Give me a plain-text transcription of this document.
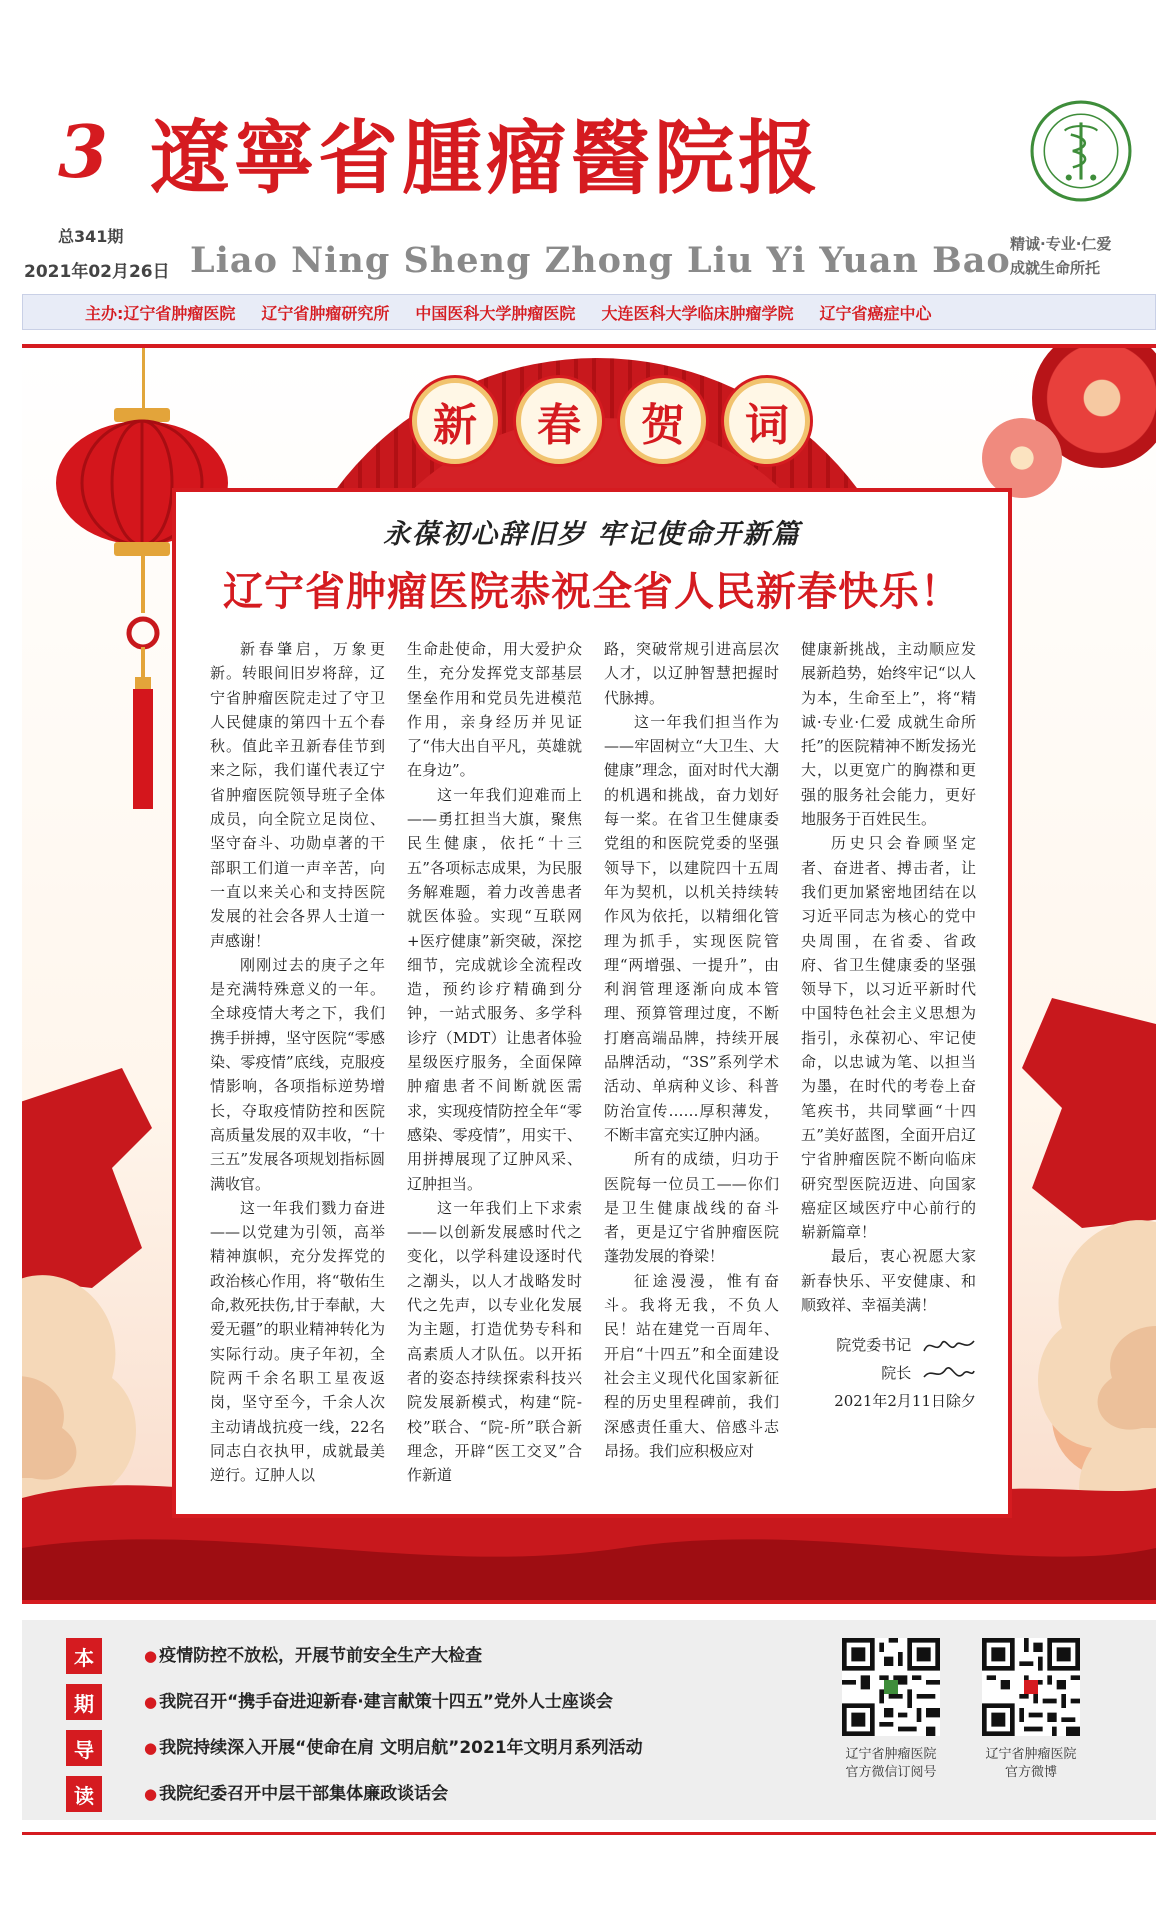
3 遼寧省腫瘤醫院报
总341期
2021年02月26日 Liao Ning Sheng Zhong Liu Yi Yuan Bao 精诚·专业·仁爱
成就生命所托
主办:辽宁省肿瘤医院 辽宁省肿瘤研究所 中国医科大学肿瘤医院 大连医科大学临床肿瘤学院 辽宁省癌症中心
新	春	贺	词
永葆初心辞旧岁 牢记使命开新篇
辽宁省肿瘤医院恭祝全省人民新春快乐！

新春肇启，万象更新。转眼间旧岁将辞，辽宁省肿瘤医院走过了守卫人民健康的第四十五个春秋。值此辛丑新春佳节到来之际，我们谨代表辽宁省肿瘤医院领导班子全体成员，向全院立足岗位、坚守奋斗、功勋卓著的干部职工们道一声辛苦，向一直以来关心和支持医院发展的社会各界人士道一声感谢！

刚刚过去的庚子之年是充满特殊意义的一年。全球疫情大考之下，我们携手拼搏，坚守医院“零感染、零疫情”底线，克服疫情影响，各项指标逆势增长，夺取疫情防控和医院高质量发展的双丰收，“十三五”发展各项规划指标圆满收官。

这一年我们戮力奋进——以党建为引领，高举精神旗帜，充分发挥党的政治核心作用，将“敬佑生命,救死扶伤,甘于奉献，大爱无疆”的职业精神转化为实际行动。庚子年初，全院两千余名职工星夜返岗，坚守至今，千余人次主动请战抗疫一线，22名同志白衣执甲，成就最美逆行。辽肿人以

生命赴使命，用大爱护众生，充分发挥党支部基层堡垒作用和党员先进模范作用，亲身经历并见证了“伟大出自平凡，英雄就在身边”。

这一年我们迎难而上——勇扛担当大旗，聚焦民生健康，依托“十三五”各项标志成果，为民服务解难题，着力改善患者就医体验。实现“互联网+医疗健康”新突破，深挖细节，完成就诊全流程改造，预约诊疗精确到分钟，一站式服务、多学科诊疗（MDT）让患者体验星级医疗服务，全面保障肿瘤患者不间断就医需求，实现疫情防控全年“零感染、零疫情”，用实干、用拼搏展现了辽肿风采、辽肿担当。

这一年我们上下求索——以创新发展感时代之变化，以学科建设逐时代之潮头，以人才战略发时代之先声，以专业化发展为主题，打造优势专科和高素质人才队伍。以开拓者的姿态持续探索科技兴院发展新模式，构建“院-校”联合、“院-所”联合新理念，开辟“医工交叉”合作新道

路，突破常规引进高层次人才，以辽肿智慧把握时代脉搏。

这一年我们担当作为——牢固树立“大卫生、大健康”理念，面对时代大潮的机遇和挑战，奋力划好每一桨。在省卫生健康委党组的和医院党委的坚强领导下，以建院四十五周年为契机，以机关持续转作风为依托，以精细化管理为抓手，实现医院管理“两增强、一提升”，由利润管理逐渐向成本管理、预算管理过度，不断打磨高端品牌，持续开展品牌活动，“3S”系列学术活动、单病种义诊、科普防治宣传……厚积薄发，不断丰富充实辽肿内涵。

所有的成绩，归功于医院每一位员工——你们是卫生健康战线的奋斗者，更是辽宁省肿瘤医院蓬勃发展的脊梁！

征途漫漫，惟有奋斗。我将无我，不负人民！站在建党一百周年、开启“十四五”和全面建设社会主义现代化国家新征程的历史里程碑前，我们深感责任重大、倍感斗志昂扬。我们应积极应对

健康新挑战，主动顺应发展新趋势，始终牢记“以人为本，生命至上”，将“精诚·专业·仁爱 成就生命所托”的医院精神不断发扬光大，以更宽广的胸襟和更强的服务社会能力，更好地服务于百姓民生。

历史只会眷顾坚定者、奋进者、搏击者，让我们更加紧密地团结在以习近平同志为核心的党中央周围，在省委、省政府、省卫生健康委的坚强领导下，以习近平新时代中国特色社会主义思想为指引，永葆初心、牢记使命，以忠诚为笔、以担当为墨，在时代的考卷上奋笔疾书，共同擘画“十四五”美好蓝图，全面开启辽宁省肿瘤医院不断向临床研究型医院迈进、向国家癌症区域医疗中心前行的崭新篇章！

最后，衷心祝愿大家新春快乐、平安健康、和顺致祥、幸福美满！

院党委书记
院长
2021年2月11日除夕
本
期
导
读
● 疫情防控不放松，开展节前安全生产大检查
● 我院召开“携手奋进迎新春·建言献策十四五”党外人士座谈会
● 我院持续深入开展“使命在肩 文明启航”2021年文明月系列活动
● 我院纪委召开中层干部集体廉政谈话会
辽宁省肿瘤医院
官方微信订阅号
辽宁省肿瘤医院
官方微博
